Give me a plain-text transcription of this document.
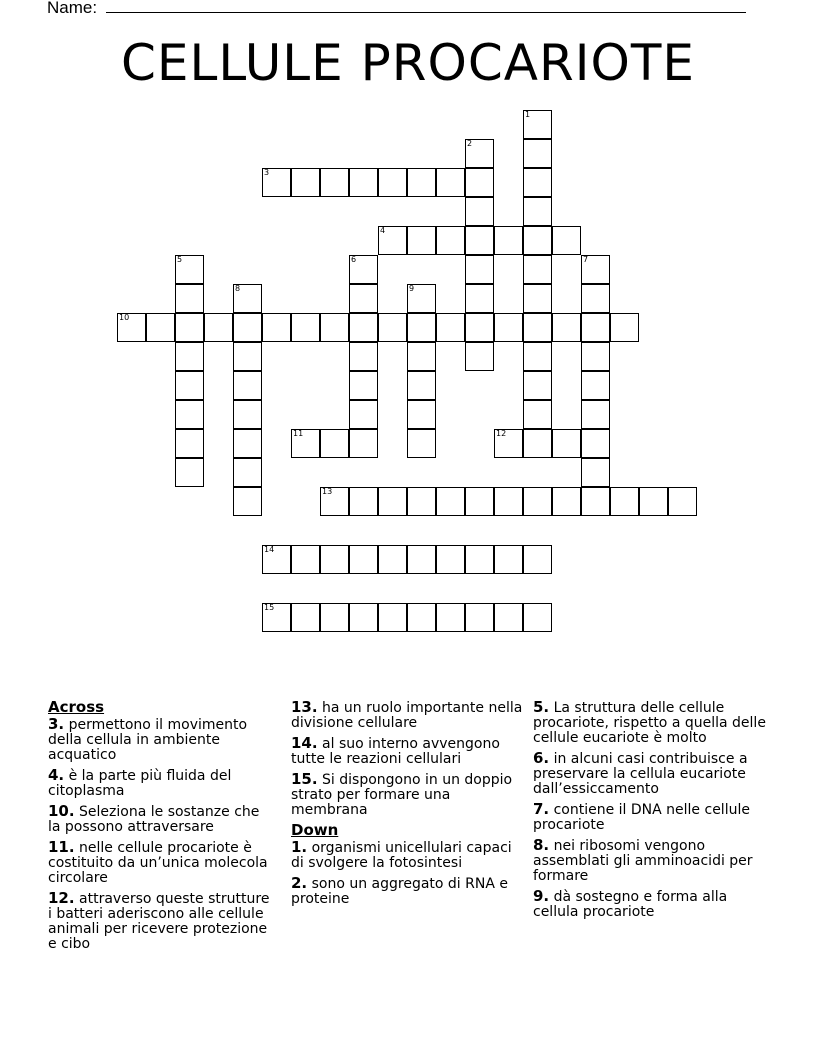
Name:
CELLULE PROCARIOTE
1
2
3
4
5	6	7
8	9
10
11	12
13
14
15
Across
3. permettono il movimento della cellula in ambiente acquatico
4. è la parte più fluida del citoplasma
10. Seleziona le sostanze che la possono attraversare
11. nelle cellule procariote è costituito da un’unica molecola circolare
12. attraverso queste strutture i batteri aderiscono alle cellule animali per ricevere protezione e cibo
13. ha un ruolo importante nella divisione cellulare
14. al suo interno avvengono tutte le reazioni cellulari
15. Si dispongono in un doppio strato per formare una membrana
Down
1. organismi unicellulari capaci di svolgere la fotosintesi
2. sono un aggregato di RNA e proteine
5. La struttura delle cellule procariote, rispetto a quella delle cellule eucariote è molto
6. in alcuni casi contribuisce a preservare la cellula eucariote dall’essiccamento
7. contiene il DNA nelle cellule procariote
8. nei ribosomi vengono assemblati gli amminoacidi per formare
9. dà sostegno e forma alla cellula procariote
